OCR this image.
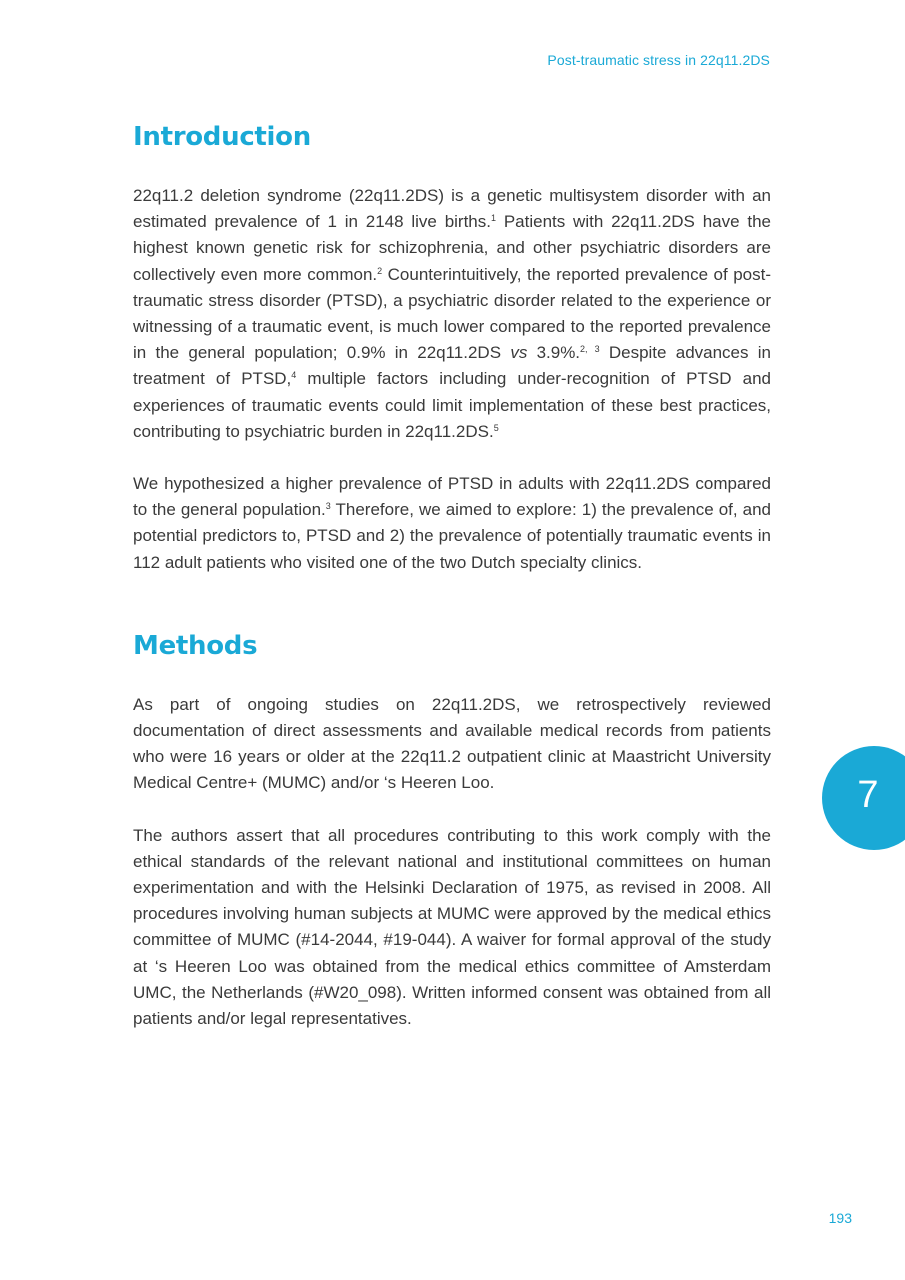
Post-traumatic stress in 22q11.2DS
Introduction

22q11.2 deletion syndrome (22q11.2DS) is a genetic multisystem disorder with an estimated prevalence of 1 in 2148 live births.$^1$ Patients with 22q11.2DS have the highest known genetic risk for schizophrenia, and other psychiatric disorders are collectively even more common.$^2$ Counterintuitively, the reported prevalence of post-traumatic stress disorder (PTSD), a psychiatric disorder related to the experience or witnessing of a traumatic event, is much lower compared to the reported prevalence in the general population; 0.9% in 22q11.2DS vs 3.9%.$^{2, 3}$ Despite advances in treatment of PTSD,$^4$ multiple factors including under-recognition of PTSD and experiences of traumatic events could limit implementation of these best practices, contributing to psychiatric burden in 22q11.2DS.$^5$

We hypothesized a higher prevalence of PTSD in adults with 22q11.2DS compared to the general population.$^3$ Therefore, we aimed to explore: 1) the prevalence of, and potential predictors to, PTSD and 2) the prevalence of potentially traumatic events in 112 adult patients who visited one of the two Dutch specialty clinics.

Methods

As part of ongoing studies on 22q11.2DS, we retrospectively reviewed documentation of direct assessments and available medical records from patients who were 16 years or older at the 22q11.2 outpatient clinic at Maastricht University Medical Centre+ (MUMC) and/or ‘s Heeren Loo.

The authors assert that all procedures contributing to this work comply with the ethical standards of the relevant national and institutional committees on human experimentation and with the Helsinki Declaration of 1975, as revised in 2008. All procedures involving human subjects at MUMC were approved by the medical ethics committee of MUMC (#14-2044, #19-044). A waiver for formal approval of the study at ‘s Heeren Loo was obtained from the medical ethics committee of Amsterdam UMC, the Netherlands (#W20_098). Written informed consent was obtained from all patients and/or legal representatives.

7
193
